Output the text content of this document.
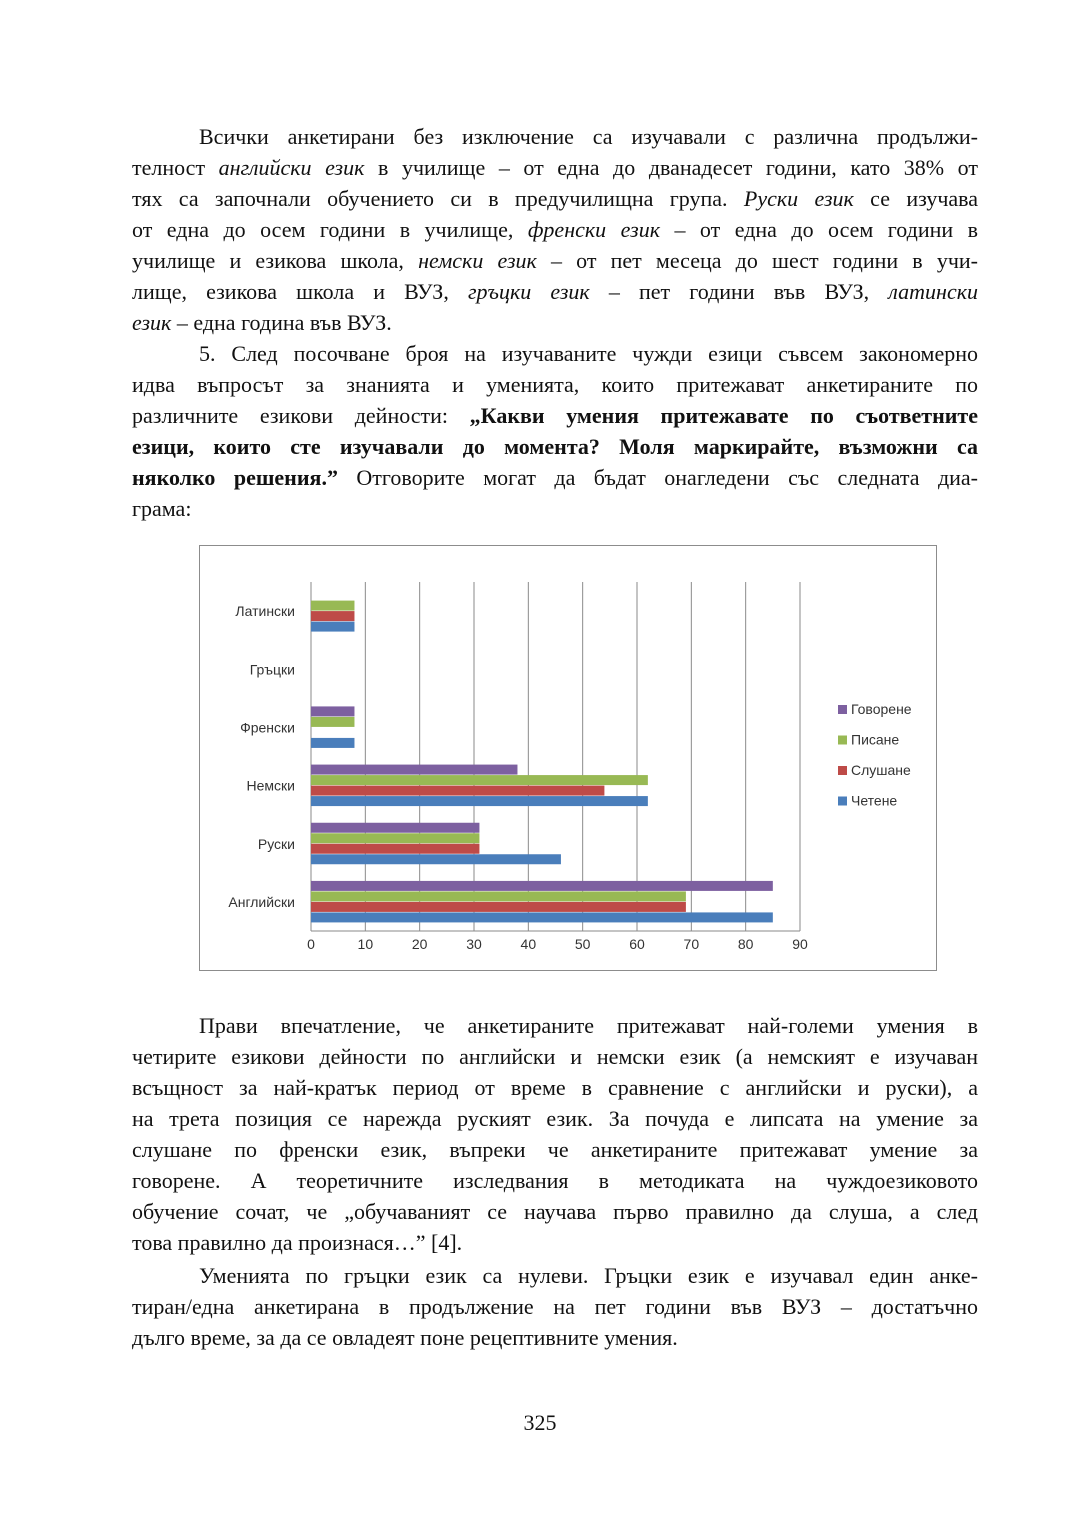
Всички анкетирани без изключение са изучавали с различна продължи-
телност английски език в училище – от една до дванадесет години, като 38% от
тях са започнали обучението си в предучилищна група. Руски език се изучава
от една до осем години в училище, френски език – от една до осем години в
училище и езикова школа, немски език – от пет месеца до шест години в учи-
лище, езикова школа и ВУЗ, гръцки език – пет години във ВУЗ, латински
език – една година във ВУЗ.
5. След посочване броя на изучаваните чужди езици съвсем закономерно
идва въпросът за знанията и уменията, които притежават анкетираните по
различните езикови дейности: „Какви умения притежавате по съответните
езици, които сте изучавали до момента? Моля маркирайте, възможни са
няколко решения.” Отговорите могат да бъдат онагледени със следната диа-
грама:
0	10	20	30	40	50	60	70	80	90
Английски
Руски
Немски
Френски
Гръцки
Латински
Говорене
Писане
Слушане
Четене
Прави впечатление, че анкетираните притежават най-големи умения в
четирите езикови дейности по английски и немски език (а немският е изучаван
всъщност за най-кратък период от време в сравнение с английски и руски), а
на трета позиция се нарежда руският език. За почуда е липсата на умение за
слушане по френски език, въпреки че анкетираните притежават умение за
говорене. А теоретичните изследвания в методиката на чуждоезиковото
обучение сочат, че „обучаваният се научава първо правилно да слуша, а след
това правилно да произнася…” [4].
Уменията по гръцки език са нулеви. Гръцки език е изучавал един анке-
тиран/една анкетирана в продължение на пет години във ВУЗ – достатъчно
дълго време, за да се овладеят поне рецептивните умения.
325
